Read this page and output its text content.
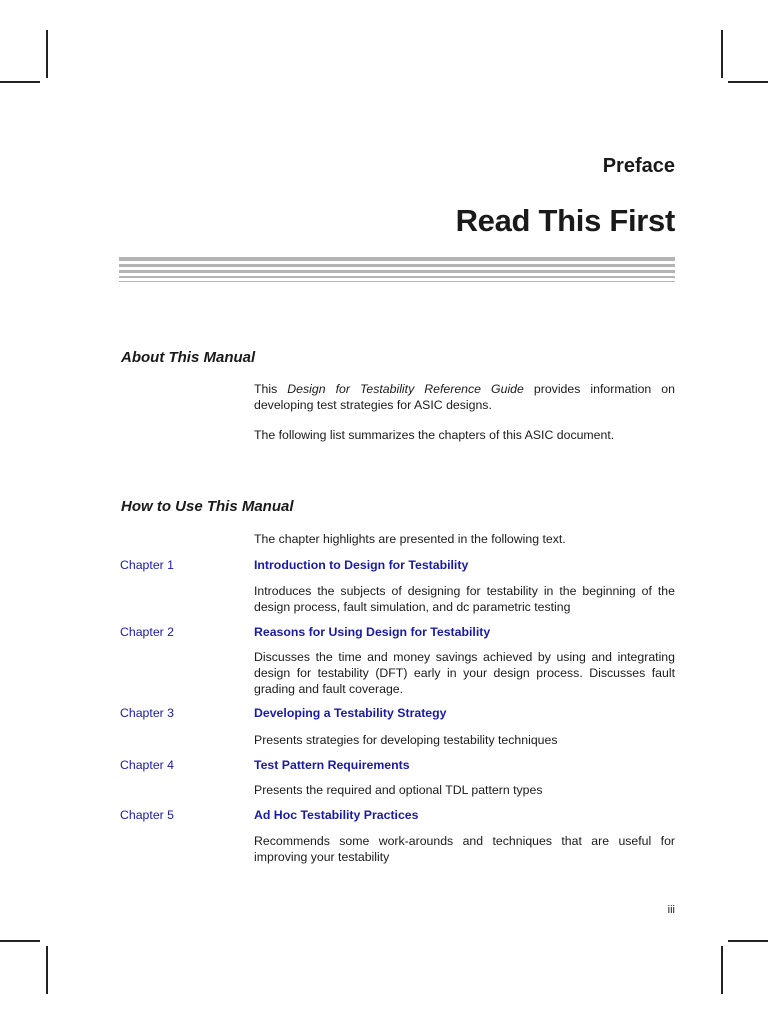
Preface
Read This First
About This Manual
This Design for Testability Reference Guide provides information on developing test strategies for ASIC designs.
The following list summarizes the chapters of this ASIC document.
How to Use This Manual
The chapter highlights are presented in the following text.
Chapter 1	Introduction to Design for Testability
Introduces the subjects of designing for testability in the beginning of the design process, fault simulation, and dc parametric testing
Chapter 2	Reasons for Using Design for Testability
Discusses the time and money savings achieved by using and integrating design for testability (DFT) early in your design process. Discusses fault grading and fault coverage.
Chapter 3	Developing a Testability Strategy
Presents strategies for developing testability techniques
Chapter 4	Test Pattern Requirements
Presents the required and optional TDL pattern types
Chapter 5	Ad Hoc Testability Practices
Recommends some work-arounds and techniques that are useful for improving your testability
iii
